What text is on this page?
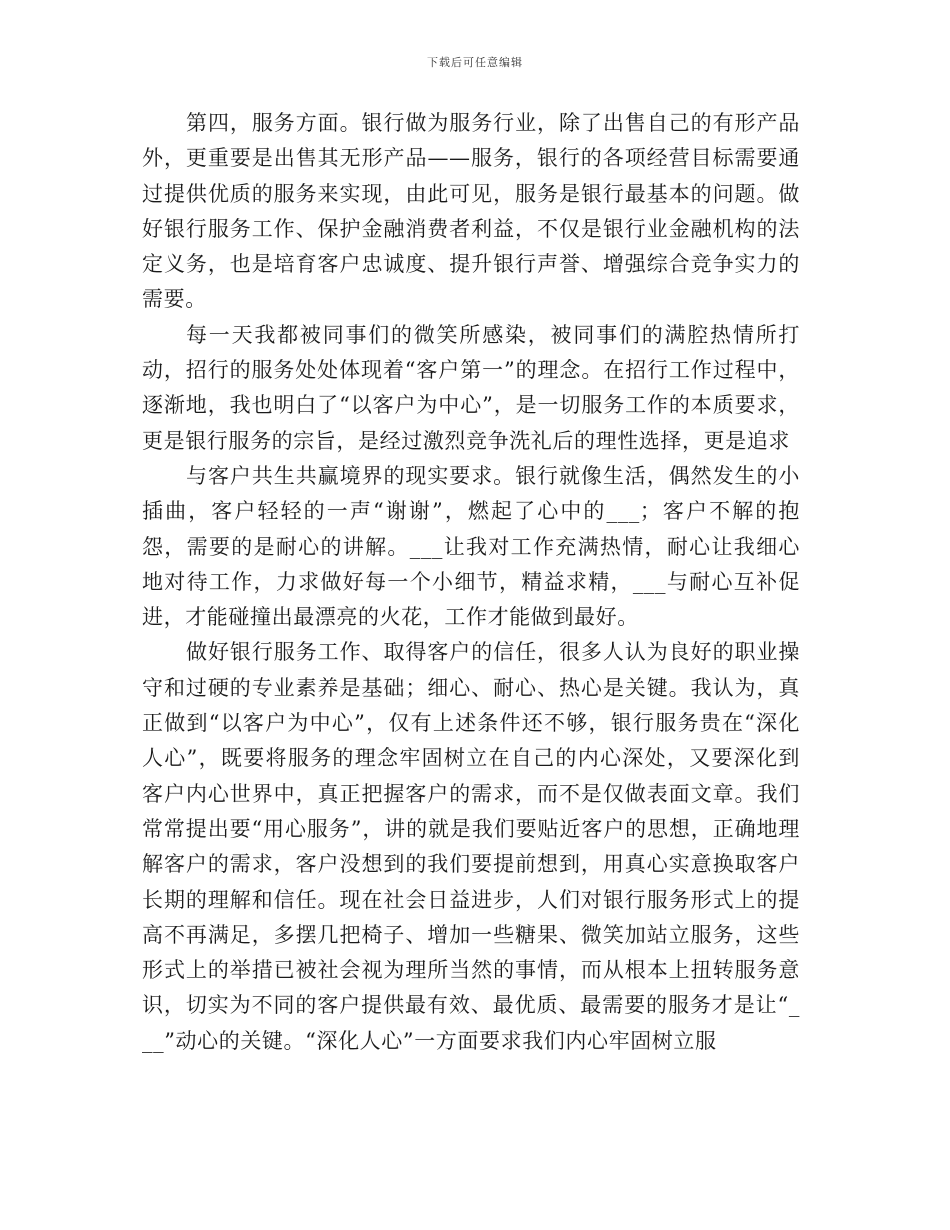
下载后可任意编辑

第四，服务方面。银行做为服务行业，除了出售自己的有形产品外，更重要是出售其无形产品——服务，银行的各项经营目标需要通过提供优质的服务来实现，由此可见，服务是银行最基本的问题。做好银行服务工作、保护金融消费者利益，不仅是银行业金融机构的法定义务，也是培育客户忠诚度、提升银行声誉、增强综合竞争实力的需要。

每一天我都被同事们的微笑所感染，被同事们的满腔热情所打动，招行的服务处处体现着“客户第一”的理念。在招行工作过程中，逐渐地，我也明白了“以客户为中心”，是一切服务工作的本质要求，更是银行服务的宗旨，是经过激烈竞争洗礼后的理性选择，更是追求

与客户共生共赢境界的现实要求。银行就像生活，偶然发生的小插曲，客户轻轻的一声“谢谢”，燃起了心中的___；客户不解的抱怨，需要的是耐心的讲解。___让我对工作充满热情，耐心让我细心地对待工作，力求做好每一个小细节，精益求精，___与耐心互补促进，才能碰撞出最漂亮的火花，工作才能做到最好。

做好银行服务工作、取得客户的信任，很多人认为良好的职业操守和过硬的专业素养是基础；细心、耐心、热心是关键。我认为，真正做到“以客户为中心”，仅有上述条件还不够，银行服务贵在“深化人心”，既要将服务的理念牢固树立在自己的内心深处，又要深化到客户内心世界中，真正把握客户的需求，而不是仅做表面文章。我们常常提出要“用心服务”，讲的就是我们要贴近客户的思想，正确地理解客户的需求，客户没想到的我们要提前想到，用真心实意换取客户长期的理解和信任。现在社会日益进步，人们对银行服务形式上的提高不再满足，多摆几把椅子、增加一些糖果、微笑加站立服务，这些形式上的举措已被社会视为理所当然的事情，而从根本上扭转服务意识，切实为不同的客户提供最有效、最优质、最需要的服务才是让“___”动心的关键。“深化人心”一方面要求我们内心牢固树立服
